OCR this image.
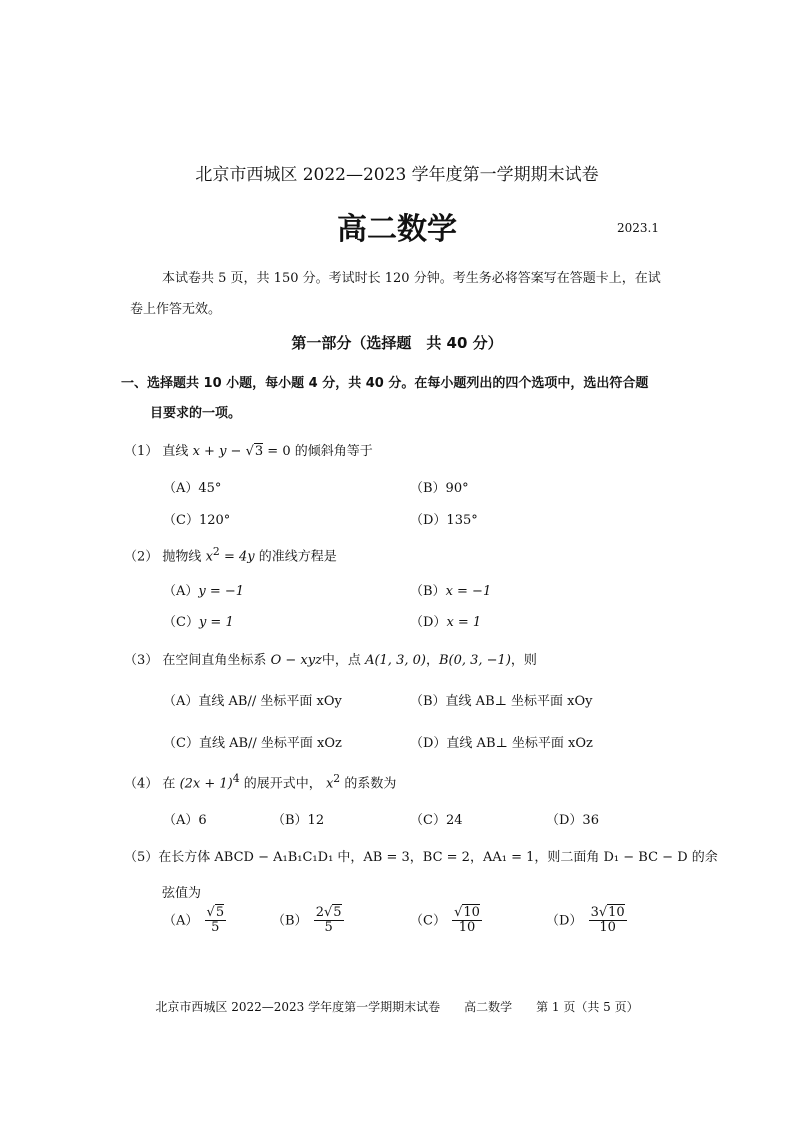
北京市西城区 2022—2023 学年度第一学期期末试卷
高二数学	2023.1
本试卷共 5 页，共 150 分。考试时长 120 分钟。考生务必将答案写在答题卡上，在试
卷上作答无效。
第一部分（选择题　共 40 分）
一、选择题共 10 小题，每小题 4 分，共 40 分。在每小题列出的四个选项中，选出符合题
目要求的一项。
（1） 直线 x + y − √3 = 0 的倾斜角等于
（A）45°	（B）90°
（C）120°	（D）135°
（2） 抛物线 $x^2 = 4y$ 的准线方程是
（A）y = −1	（B）x = −1
（C）y = 1	（D）x = 1
（3） 在空间直角坐标系 O − xyz中，点 A(1, 3, 0)，B(0, 3, −1)，则
（A）直线 AB// 坐标平面 xOy	（B）直线 AB⊥ 坐标平面 xOy
（C）直线 AB// 坐标平面 xOz	（D）直线 AB⊥ 坐标平面 xOz
（4） 在 $(2x + 1)^4$ 的展开式中， $x^2$ 的系数为
（A）6	（B）12	（C）24	（D）36
（5）在长方体 ABCD − A₁B₁C₁D₁ 中，AB = 3，BC = 2，AA₁ = 1，则二面角 D₁ − BC − D 的余
弦值为
$(A) \frac{√5}{5}$	$(B) \frac{2√5}{5}$	$(C) \frac{√10}{10}$	$(D) \frac{3√10}{10}$
北京市西城区 2022—2023 学年度第一学期期末试卷　　高二数学　　第 1 页（共 5 页）
